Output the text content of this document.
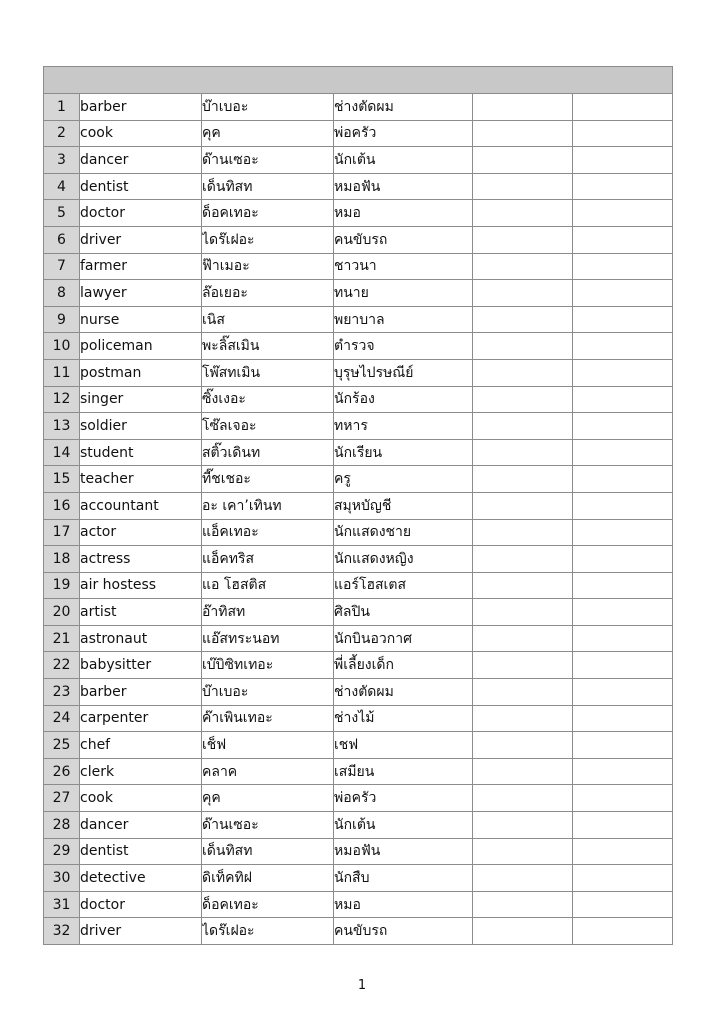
1	barber	บ๊าเบอะ	ช่างตัดผม		
2	cook	คุค	พ่อครัว		
3	dancer	ด๊านเซอะ	นักเต้น		
4	dentist	เด็นทิสท	หมอฟัน		
5	doctor	ด็อคเทอะ	หมอ		
6	driver	ไดร๊เฝอะ	คนขับรถ		
7	farmer	ฟ๊าเมอะ	ชาวนา		
8	lawyer	ล๊อเยอะ	ทนาย		
9	nurse	เนิส	พยาบาล		
10	policeman	พะลิ๊สเมิน	ตำรวจ		
11	postman	โพ๊สทเมิน	บุรุษไปรษณีย์		
12	singer	ซิ๊งเงอะ	นักร้อง		
13	soldier	โซ๊ลเจอะ	ทหาร		
14	student	สติ๊วเดินท	นักเรียน		
15	teacher	ที๊ชเชอะ	ครู		
16	accountant	อะ เคา’เทินท	สมุหบัญชี		
17	actor	แอ็คเทอะ	นักแสดงชาย		
18	actress	แอ็คทริส	นักแสดงหญิง		
19	air hostess	แอ โฮสติส	แอร์โฮสเตส		
20	artist	อ๊าทิสท	ศิลปิน		
21	astronaut	แอ๊สทระนอท	นักบินอวกาศ		
22	babysitter	เบ๊บิซิทเทอะ	พี่เลี้ยงเด็ก		
23	barber	บ๊าเบอะ	ช่างตัดผม		
24	carpenter	ค๊าเพินเทอะ	ช่างไม้		
25	chef	เช็ฟ	เชฟ		
26	clerk	คลาค	เสมียน		
27	cook	คุค	พ่อครัว		
28	dancer	ด๊านเซอะ	นักเต้น		
29	dentist	เด็นทิสท	หมอฟัน		
30	detective	ดิเท็คทิฝ	นักสืบ		
31	doctor	ด็อคเทอะ	หมอ		
32	driver	ไดร๊เฝอะ	คนขับรถ		
1
